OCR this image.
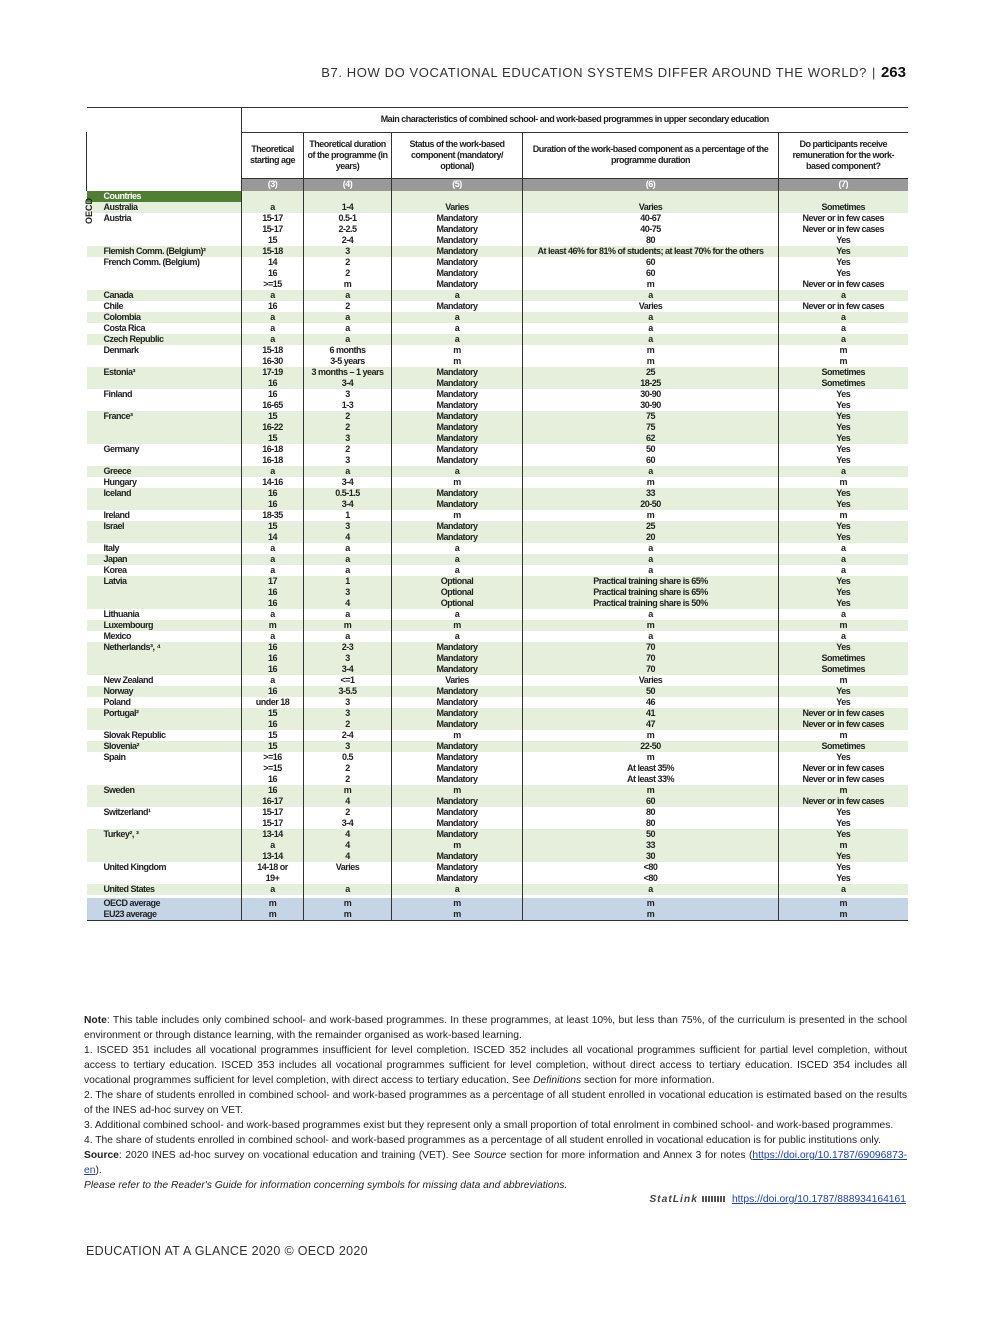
B7. HOW DO VOCATIONAL EDUCATION SYSTEMS DIFFER AROUND THE WORLD? | 263

	Main characteristics of combined school- and work-based programmes in upper secondary education				
	Theoretical starting age	Theoretical duration of the programme (in years)	Status of the work-based component (mandatory/ optional)	Duration of the work-based component as a percentage of the programme duration	Do participants receive remuneration for the work-based component?
	(3)	(4)	(5)	(6)	(7)
Countries					
Australia	a	1-4	Varies	Varies	Sometimes
Austria	15-17	0.5-1	Mandatory	40-67	Never or in few cases
	15-17	2-2.5	Mandatory	40-75	Never or in few cases
	15	2-4	Mandatory	80	Yes
Flemish Comm. (Belgium)²	15-18	3	Mandatory	At least 46% for 81% of students; at least 70% for the others	Yes
French Comm. (Belgium)	14	2	Mandatory	60	Yes
	16	2	Mandatory	60	Yes
	>=15	m	Mandatory	m	Never or in few cases
Canada	a	a	a	a	a
Chile	16	2	Mandatory	Varies	Never or in few cases
Colombia	a	a	a	a	a
Costa Rica	a	a	a	a	a
Czech Republic	a	a	a	a	a
Denmark	15-18	6 months	m	m	m
	16-30	3-5 years	m	m	m
Estonia³	17-19	3 months – 1 years	Mandatory	25	Sometimes
	16	3-4	Mandatory	18-25	Sometimes
Finland	16	3	Mandatory	30-90	Yes
	16-65	1-3	Mandatory	30-90	Yes
France³	15	2	Mandatory	75	Yes
	16-22	2	Mandatory	75	Yes
	15	3	Mandatory	62	Yes
Germany	16-18	2	Mandatory	50	Yes
	16-18	3	Mandatory	60	Yes
Greece	a	a	a	a	a
Hungary	14-16	3-4	m	m	m
Iceland	16	0.5-1.5	Mandatory	33	Yes
	16	3-4	Mandatory	20-50	Yes
Ireland	18-35	1	m	m	m
Israel	15	3	Mandatory	25	Yes
	14	4	Mandatory	20	Yes
Italy	a	a	a	a	a
Japan	a	a	a	a	a
Korea	a	a	a	a	a
Latvia	17	1	Optional	Practical training share is 65%	Yes
	16	3	Optional	Practical training share is 65%	Yes
	16	4	Optional	Practical training share is 50%	Yes
Lithuania	a	a	a	a	a
Luxembourg	m	m	m	m	m
Mexico	a	a	a	a	a
Netherlands³, ⁴	16	2-3	Mandatory	70	Yes
	16	3	Mandatory	70	Sometimes
	16	3-4	Mandatory	70	Sometimes
New Zealand	a	<=1	Varies	Varies	m
Norway	16	3-5.5	Mandatory	50	Yes
Poland	under 18	3	Mandatory	46	Yes
Portugal²	15	3	Mandatory	41	Never or in few cases
	16	2	Mandatory	47	Never or in few cases
Slovak Republic	15	2-4	m	m	m
Slovenia²	15	3	Mandatory	22-50	Sometimes
Spain	>=16	0.5	Mandatory	m	Yes
	>=15	2	Mandatory	At least 35%	Never or in few cases
	16	2	Mandatory	At least 33%	Never or in few cases
Sweden	16	m	m	m	m
	16-17	4	Mandatory	60	Never or in few cases
Switzerland¹	15-17	2	Mandatory	80	Yes
	15-17	3-4	Mandatory	80	Yes
Turkey², ³	13-14	4	Mandatory	50	Yes
	a	4	m	33	m
	13-14	4	Mandatory	30	Yes
United Kingdom	14-18 or	Varies	Mandatory	<80	Yes
	19+		Mandatory	<80	Yes
United States	a	a	a	a	a

OECD average	m	m	m	m	m
EU23 average	m	m	m	m	m
OECD

Note: This table includes only combined school- and work-based programmes. In these programmes, at least 10%, but less than 75%, of the curriculum is presented in the school environment or through distance learning, with the remainder organised as work-based learning.

1. ISCED 351 includes all vocational programmes insufficient for level completion. ISCED 352 includes all vocational programmes sufficient for partial level completion, without access to tertiary education. ISCED 353 includes all vocational programmes sufficient for level completion, without direct access to tertiary education. ISCED 354 includes all vocational programmes sufficient for level completion, with direct access to tertiary education. See Definitions section for more information.

2. The share of students enrolled in combined school- and work-based programmes as a percentage of all student enrolled in vocational education is estimated based on the results of the INES ad-hoc survey on VET.

3. Additional combined school- and work-based programmes exist but they represent only a small proportion of total enrolment in combined school- and work-based programmes.

4. The share of students enrolled in combined school- and work-based programmes as a percentage of all student enrolled in vocational education is for public institutions only.

Source: 2020 INES ad-hoc survey on vocational education and training (VET). See Source section for more information and Annex 3 for notes (https://doi.org/10.1787/69096873-en).

Please refer to the Reader's Guide for information concerning symbols for missing data and abbreviations.

StatLink	https://doi.org/10.1787/888934164161
EDUCATION AT A GLANCE 2020 © OECD 2020
